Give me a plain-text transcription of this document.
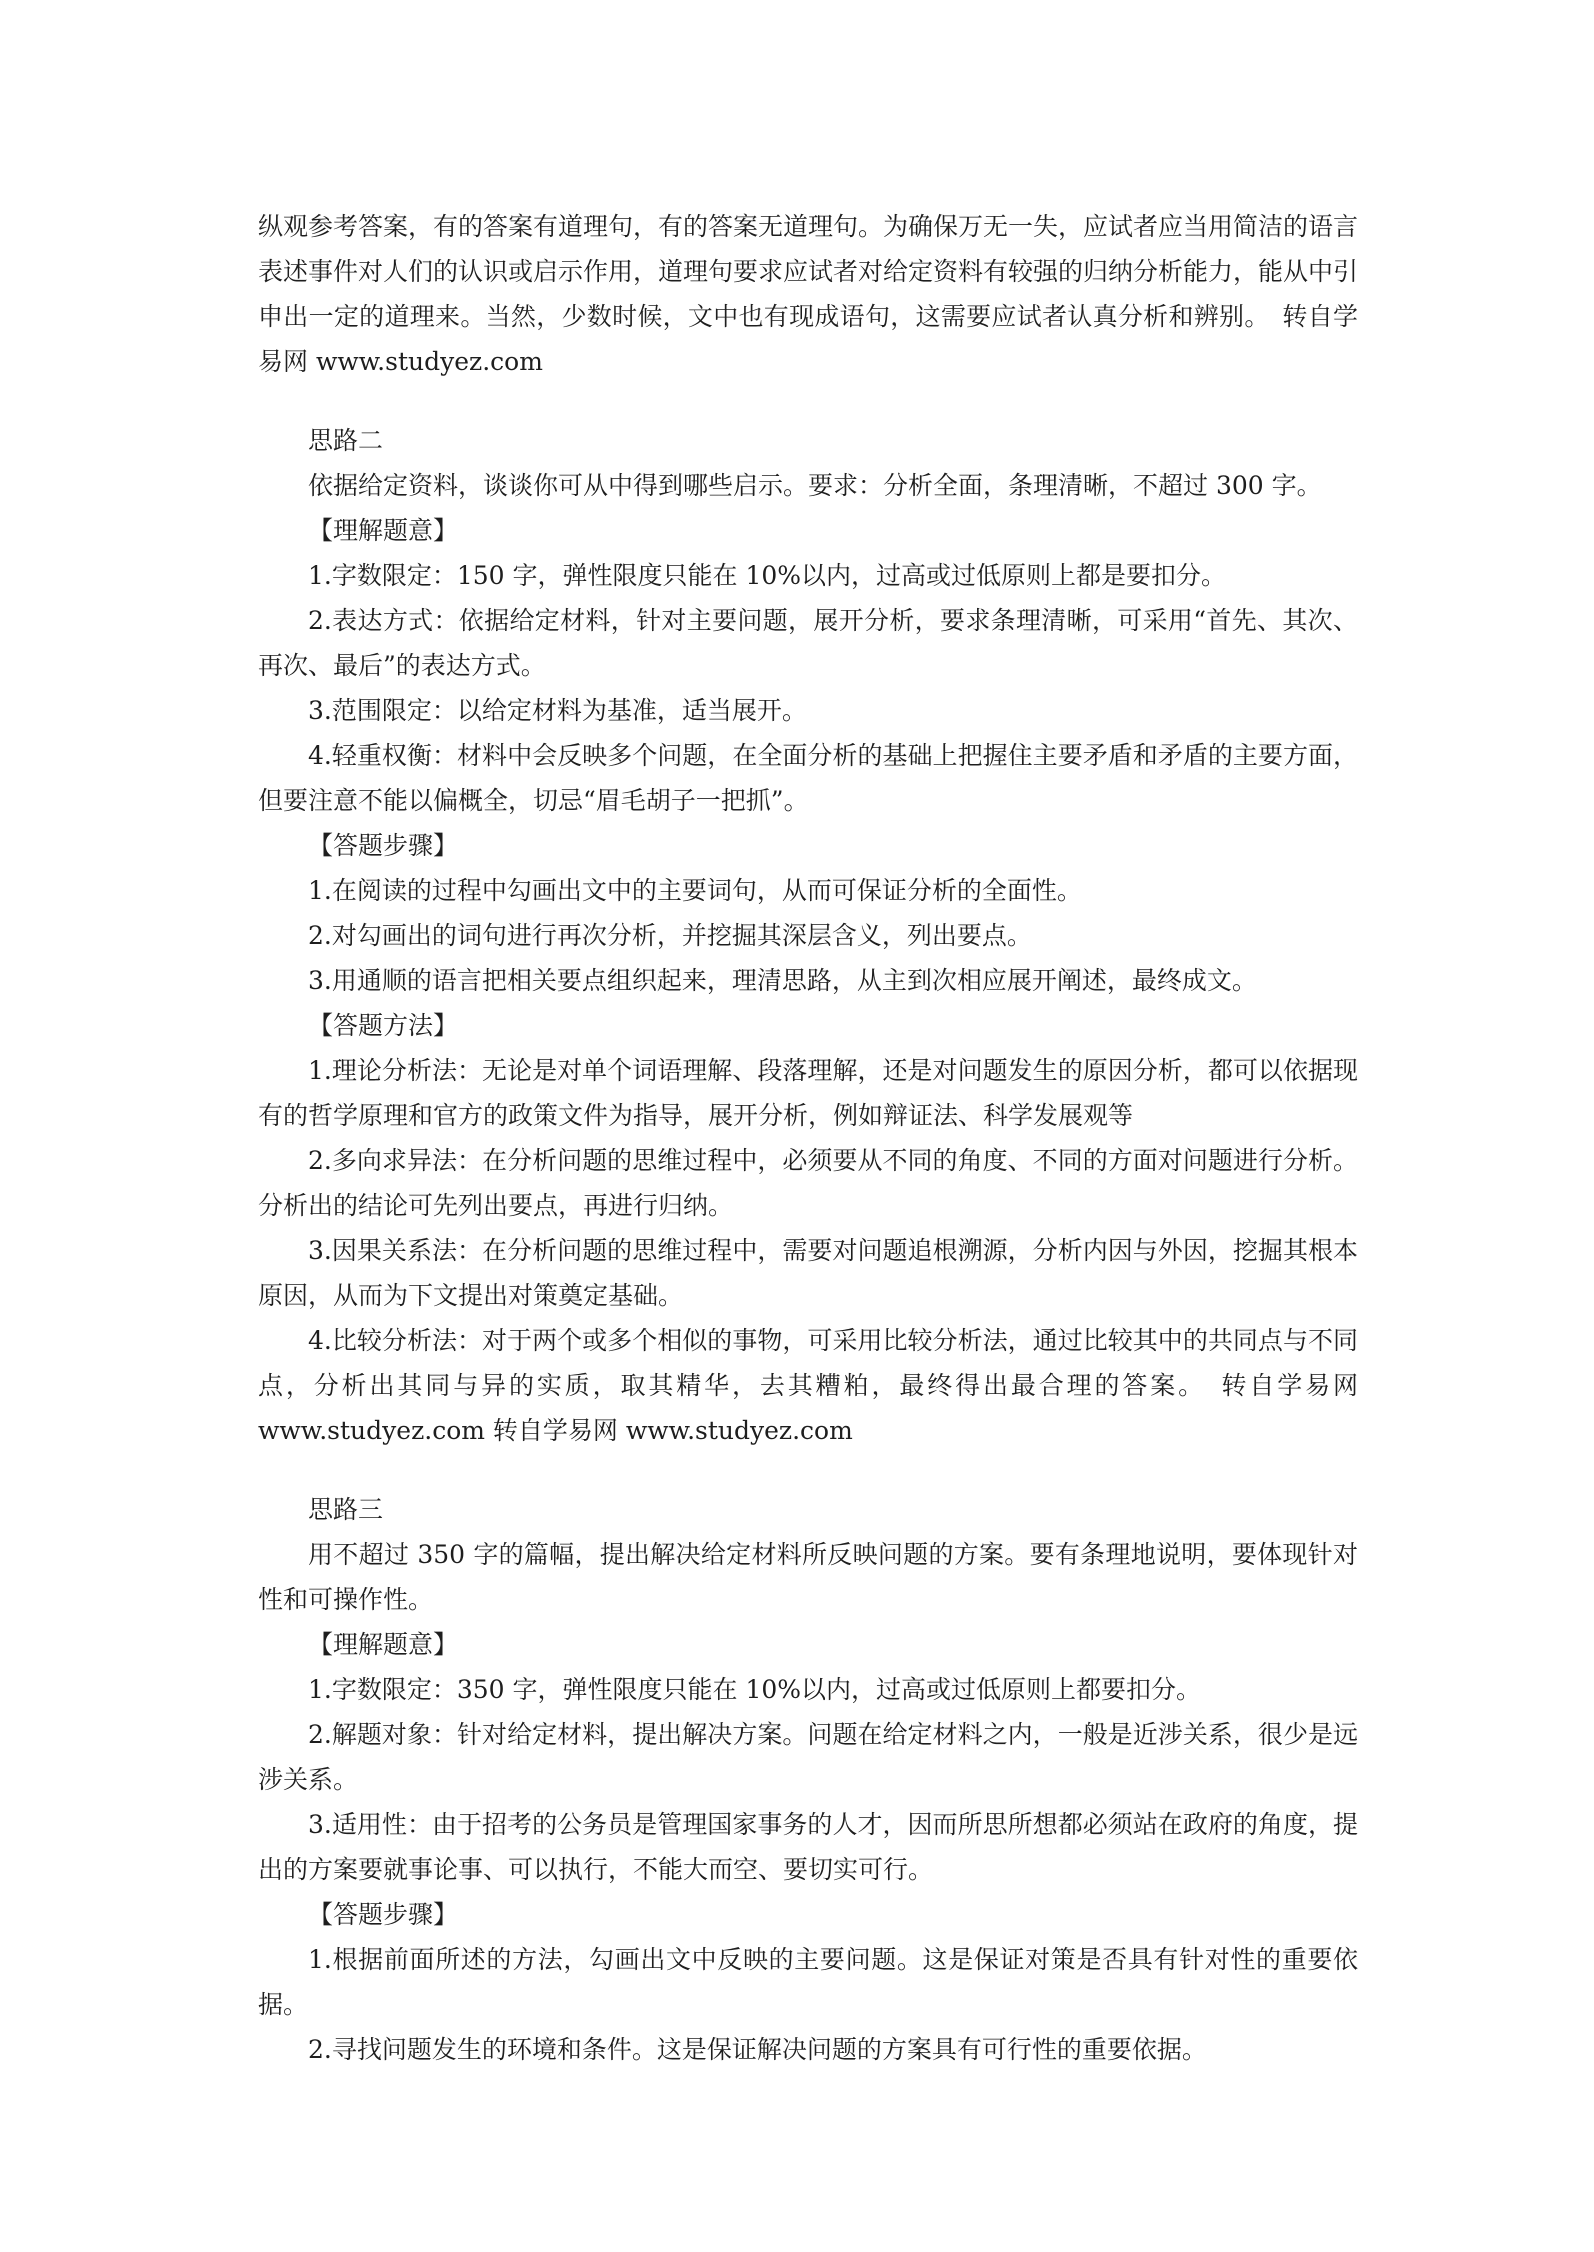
纵观参考答案，有的答案有道理句，有的答案无道理句。为确保万无一失，应试者应当用简洁的语言表述事件对人们的认识或启示作用，道理句要求应试者对给定资料有较强的归纳分析能力，能从中引申出一定的道理来。当然，少数时候，文中也有现成语句，这需要应试者认真分析和辨别。　转自学易网 www.studyez.com

思路二

依据给定资料，谈谈你可从中得到哪些启示。要求：分析全面，条理清晰，不超过 300 字。

【理解题意】

1.字数限定：150 字，弹性限度只能在 10%以内，过高或过低原则上都是要扣分。

2.表达方式：依据给定材料，针对主要问题，展开分析，要求条理清晰，可采用“首先、其次、再次、最后”的表达方式。

3.范围限定：以给定材料为基准，适当展开。

4.轻重权衡：材料中会反映多个问题，在全面分析的基础上把握住主要矛盾和矛盾的主要方面，但要注意不能以偏概全，切忌“眉毛胡子一把抓”。

【答题步骤】

1.在阅读的过程中勾画出文中的主要词句，从而可保证分析的全面性。

2.对勾画出的词句进行再次分析，并挖掘其深层含义，列出要点。

3.用通顺的语言把相关要点组织起来，理清思路，从主到次相应展开阐述，最终成文。

【答题方法】

1.理论分析法：无论是对单个词语理解、段落理解，还是对问题发生的原因分析，都可以依据现有的哲学原理和官方的政策文件为指导，展开分析，例如辩证法、科学发展观等

2.多向求异法：在分析问题的思维过程中，必须要从不同的角度、不同的方面对问题进行分析。分析出的结论可先列出要点，再进行归纳。

3.因果关系法：在分析问题的思维过程中，需要对问题追根溯源，分析内因与外因，挖掘其根本原因，从而为下文提出对策奠定基础。

4.比较分析法：对于两个或多个相似的事物，可采用比较分析法，通过比较其中的共同点与不同点，分析出其同与异的实质，取其精华，去其糟粕，最终得出最合理的答案。　转自学易网 www.studyez.com 转自学易网 www.studyez.com

思路三

用不超过 350 字的篇幅，提出解决给定材料所反映问题的方案。要有条理地说明，要体现针对性和可操作性。

【理解题意】

1.字数限定：350 字，弹性限度只能在 10%以内，过高或过低原则上都要扣分。

2.解题对象：针对给定材料，提出解决方案。问题在给定材料之内，一般是近涉关系，很少是远涉关系。

3.适用性：由于招考的公务员是管理国家事务的人才，因而所思所想都必须站在政府的角度，提出的方案要就事论事、可以执行，不能大而空、要切实可行。

【答题步骤】

1.根据前面所述的方法，勾画出文中反映的主要问题。这是保证对策是否具有针对性的重要依据。

2.寻找问题发生的环境和条件。这是保证解决问题的方案具有可行性的重要依据。
